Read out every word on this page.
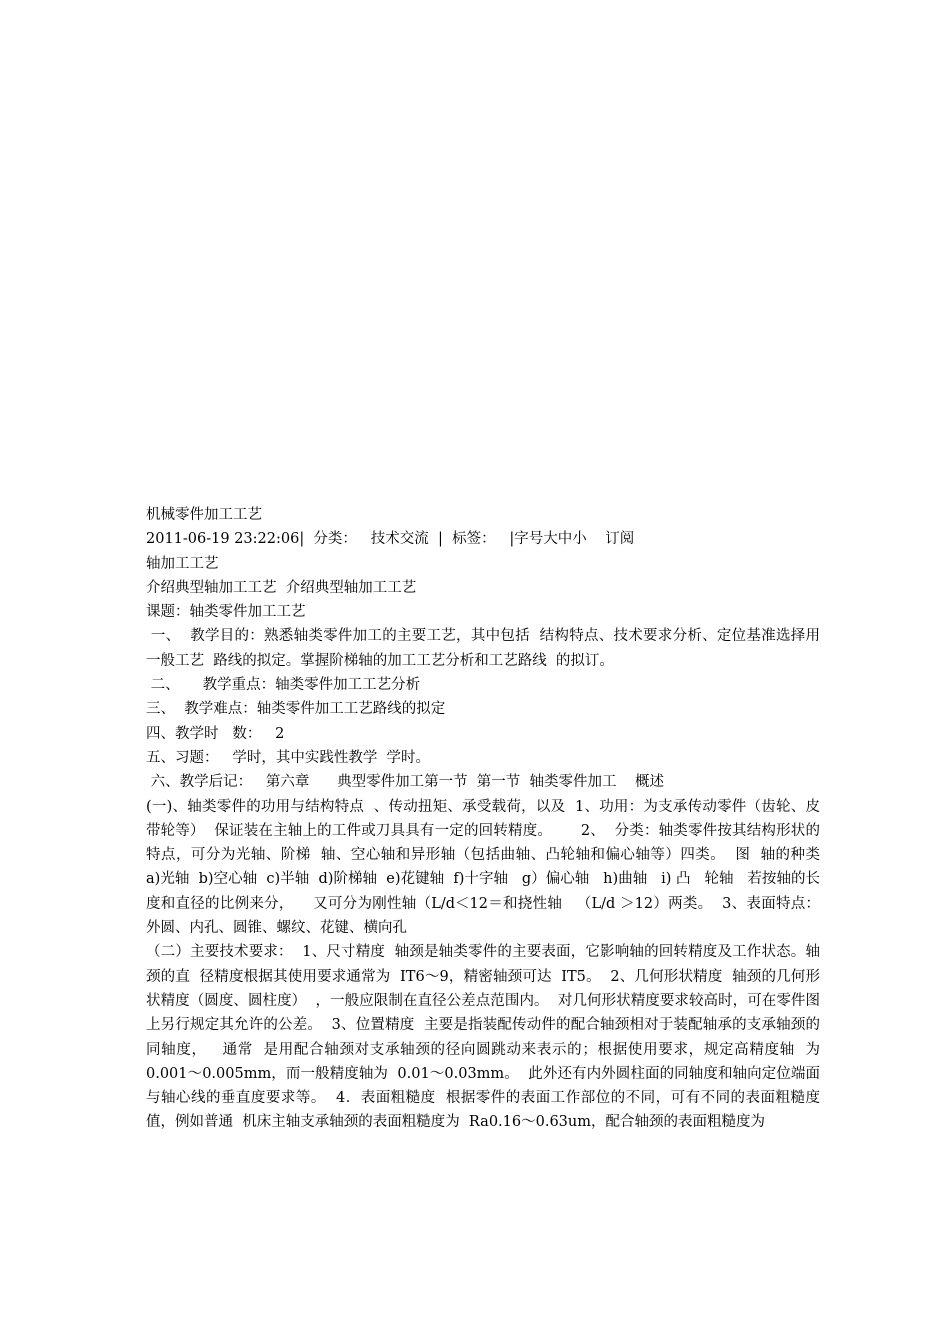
机械零件加工工艺
2011-06-19 23:22:06|  分类：   技术交流  |  标签：   |字号大中小    订阅
轴加工工艺
介绍典型轴加工工艺  介绍典型轴加工工艺
课题：轴类零件加工工艺
一、  教学目的：熟悉轴类零件加工的主要工艺，其中包括  结构特点、技术要求分析、定位基准选择用一般工艺  路线的拟定。掌握阶梯轴的加工工艺分析和工艺路线  的拟订。
二、     教学重点：轴类零件加工工艺分析
三、  教学难点：轴类零件加工工艺路线的拟定
四、教学时   数：   2
五、习题：   学时，其中实践性教学  学时。
六、教学后记：   第六章      典型零件加工第一节  第一节  轴类零件加工    概述
(一)、轴类零件的功用与结构特点  、传动扭矩、承受载荷，以及  1、功用：为支承传动零件（齿轮、皮带轮等）  保证装在主轴上的工件或刀具具有一定的回转精度。      2、  分类：轴类零件按其结构形状的特点，可分为光轴、阶梯  轴、空心轴和异形轴（包括曲轴、凸轮轴和偏心轴等）四类。  图  轴的种类  a)光轴  b)空心轴  c)半轴  d)阶梯轴  e)花键轴  f)十字轴   g）偏心轴   h)曲轴   i) 凸   轮轴   若按轴的长度和直径的比例来分，    又可分为刚性轴（L/d＜12＝和挠性轴   （L/d ＞12）两类。  3、表面特点：外圆、内孔、圆锥、螺纹、花键、横向孔
（二）主要技术要求：  1、尺寸精度  轴颈是轴类零件的主要表面，它影响轴的回转精度及工作状态。轴颈的直  径精度根据其使用要求通常为  IT6～9，精密轴颈可达  IT5。  2、几何形状精度  轴颈的几何形状精度（圆度、圆柱度）  ，一般应限制在直径公差点范围内。  对几何形状精度要求较高时，可在零件图上另行规定其允许的公差。  3、位置精度  主要是指装配传动件的配合轴颈相对于装配轴承的支承轴颈的同轴度，   通常  是用配合轴颈对支承轴颈的径向圆跳动来表示的；根据使用要求，规定高精度轴  为  0.001～0.005mm，而一般精度轴为  0.01～0.03mm。  此外还有内外圆柱面的同轴度和轴向定位端面与轴心线的垂直度要求等。  4．表面粗糙度  根据零件的表面工作部位的不同，可有不同的表面粗糙度值，例如普通  机床主轴支承轴颈的表面粗糙度为  Ra0.16～0.63um，配合轴颈的表面粗糙度为
